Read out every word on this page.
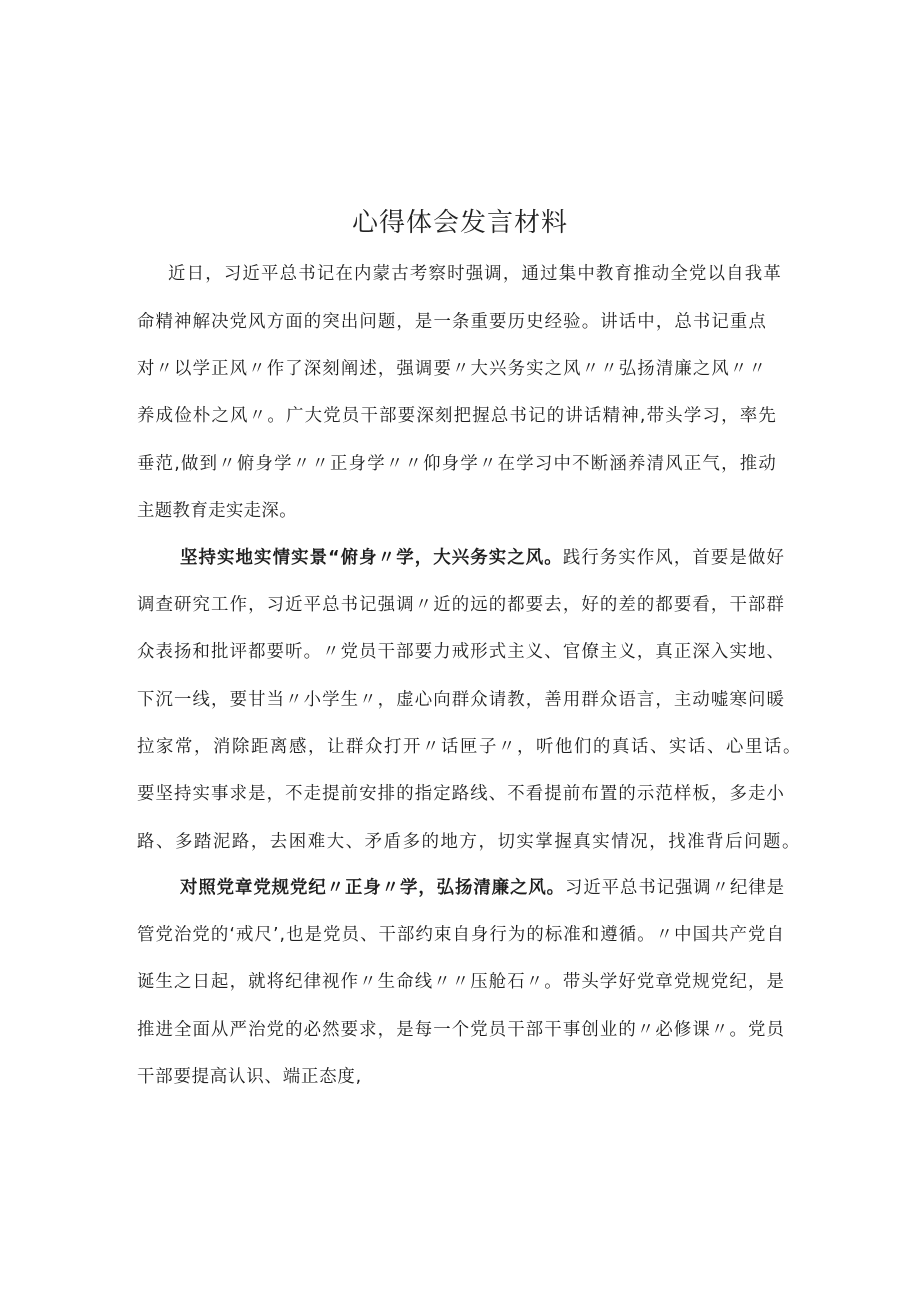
心得体会发言材料
近日，习近平总书记在内蒙古考察时强调，通过集中教育推动全党以自我革
命精神解决党风方面的突出问题，是一条重要历史经验。讲话中，总书记重点
对〃以学正风〃作了深刻阐述，强调要〃大兴务实之风〃〃弘扬清廉之风〃〃
养成俭朴之风〃。广大党员干部要深刻把握总书记的讲话精神,带头学习，率先
垂范,做到〃俯身学〃〃正身学〃〃仰身学〃在学习中不断涵养清风正气，推动
主题教育走实走深。
坚持实地实情实景“俯身〃学，大兴务实之风。践行务实作风，首要是做好
调查研究工作，习近平总书记强调〃近的远的都要去，好的差的都要看，干部群
众表扬和批评都要听。〃党员干部要力戒形式主义、官僚主义，真正深入实地、
下沉一线，要甘当〃小学生〃，虚心向群众请教，善用群众语言，主动嘘寒问暖
拉家常，消除距离感，让群众打开〃话匣子〃，听他们的真话、实话、心里话。
要坚持实事求是，不走提前安排的指定路线、不看提前布置的示范样板，多走小
路、多踏泥路，去困难大、矛盾多的地方，切实掌握真实情况，找准背后问题。
对照党章党规党纪〃正身〃学，弘扬清廉之风。习近平总书记强调〃纪律是
管党治党的‘戒尺’,也是党员、干部约束自身行为的标准和遵循。〃中国共产党自
诞生之日起，就将纪律视作〃生命线〃〃压舱石〃。带头学好党章党规党纪，是
推进全面从严治党的必然要求，是每一个党员干部干事创业的〃必修课〃。党员
干部要提高认识、端正态度,
